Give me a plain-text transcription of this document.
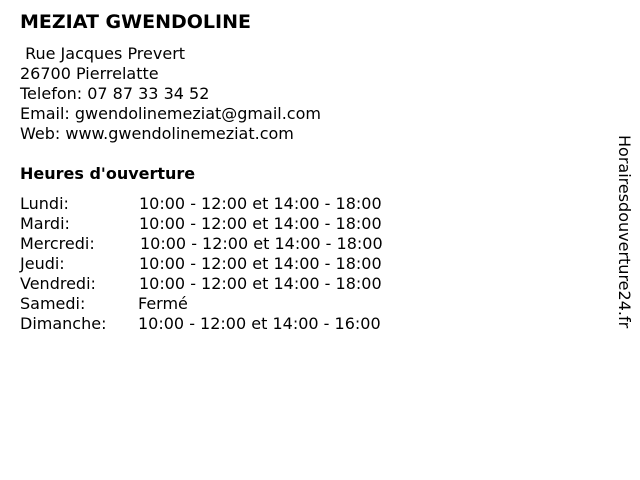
MEZIAT GWENDOLINE
Rue Jacques Prevert
26700 Pierrelatte
Telefon: 07 87 33 34 52
Email: gwendolinemeziat@gmail.com
Web: www.gwendolinemeziat.com
Heures d'ouverture
Lundi:	10:00 - 12:00 et 14:00 - 18:00
Mardi:	10:00 - 12:00 et 14:00 - 18:00
Mercredi:	10:00 - 12:00 et 14:00 - 18:00
Jeudi:	10:00 - 12:00 et 14:00 - 18:00
Vendredi:	10:00 - 12:00 et 14:00 - 18:00
Samedi:	Fermé
Dimanche: 10:00 - 12:00 et 14:00 - 16:00	Horairesdouverture24.fr
